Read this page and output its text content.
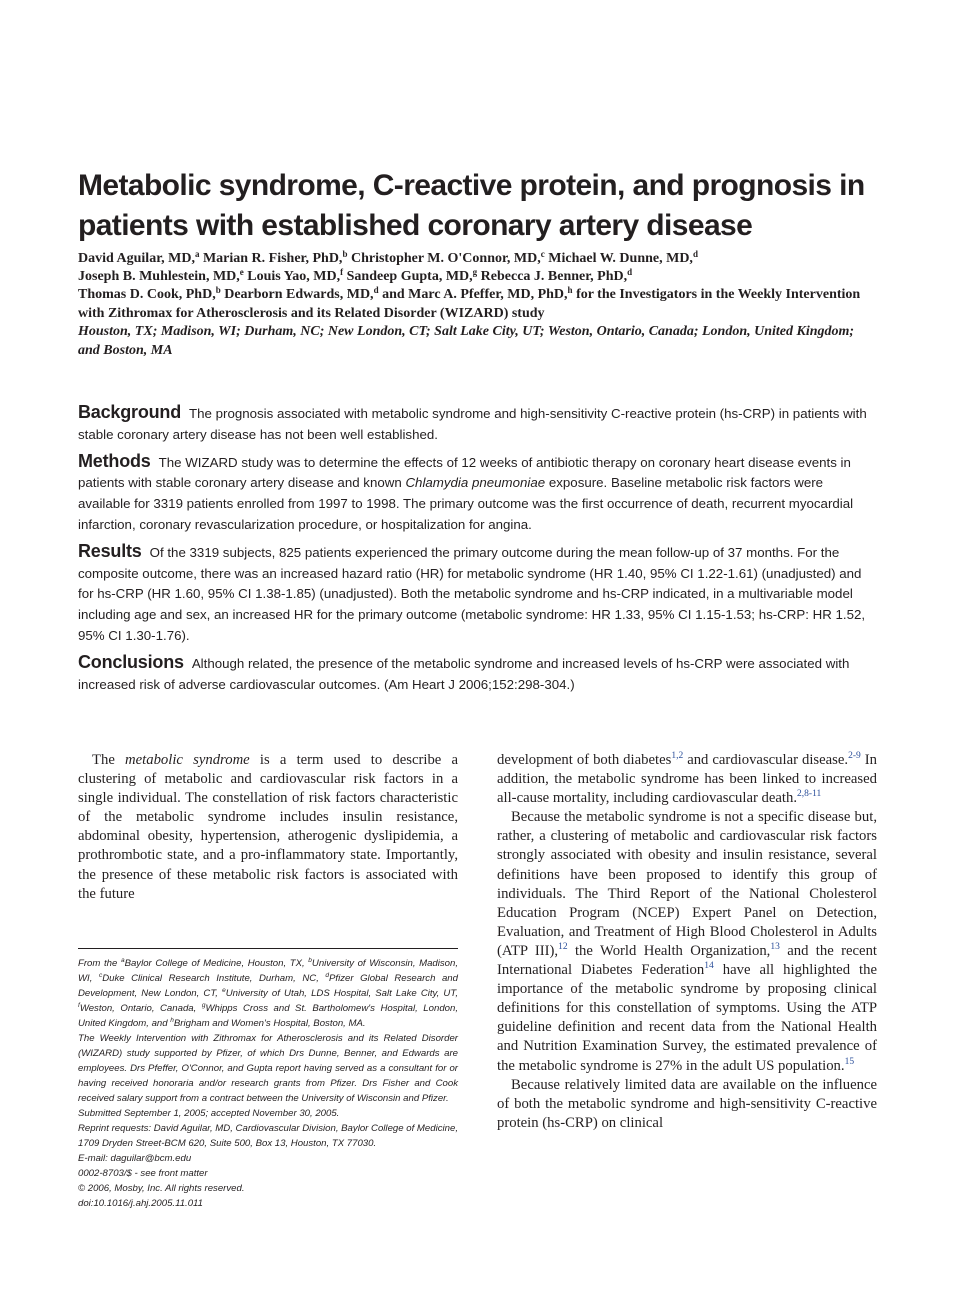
Metabolic syndrome, C-reactive protein, and prognosis in patients with established coronary artery disease

David Aguilar, MD,$^a$ Marian R. Fisher, PhD,$^b$ Christopher M. O'Connor, MD,$^c$ Michael W. Dunne, MD,$^d$
Joseph B. Muhlestein, MD,$^e$ Louis Yao, MD,$^f$ Sandeep Gupta, MD,$^g$ Rebecca J. Benner, PhD,$^d$
Thomas D. Cook, PhD,$^b$ Dearborn Edwards, MD,$^d$ and Marc A. Pfeffer, MD, PhD,$^h$ for the Investigators in the Weekly Intervention with Zithromax for Atherosclerosis and its Related Disorder (WIZARD) study

Houston, TX; Madison, WI; Durham, NC; New London, CT; Salt Lake City, UT; Weston, Ontario, Canada; London, United Kingdom; and Boston, MA

Background The prognosis associated with metabolic syndrome and high-sensitivity C-reactive protein (hs-CRP) in patients with stable coronary artery disease has not been well established.

Methods The WIZARD study was to determine the effects of 12 weeks of antibiotic therapy on coronary heart disease events in patients with stable coronary artery disease and known Chlamydia pneumoniae exposure. Baseline metabolic risk factors were available for 3319 patients enrolled from 1997 to 1998. The primary outcome was the first occurrence of death, recurrent myocardial infarction, coronary revascularization procedure, or hospitalization for angina.

Results Of the 3319 subjects, 825 patients experienced the primary outcome during the mean follow-up of 37 months. For the composite outcome, there was an increased hazard ratio (HR) for metabolic syndrome (HR 1.40, 95% CI 1.22-1.61) (unadjusted) and for hs-CRP (HR 1.60, 95% CI 1.38-1.85) (unadjusted). Both the metabolic syndrome and hs-CRP indicated, in a multivariable model including age and sex, an increased HR for the primary outcome (metabolic syndrome: HR 1.33, 95% CI 1.15-1.53; hs-CRP: HR 1.52, 95% CI 1.30-1.76).

Conclusions Although related, the presence of the metabolic syndrome and increased levels of hs-CRP were associated with increased risk of adverse cardiovascular outcomes. (Am Heart J 2006;152:298-304.)

The metabolic syndrome is a term used to describe a clustering of metabolic and cardiovascular risk factors in a single individual. The constellation of risk factors characteristic of the metabolic syndrome includes insulin resistance, abdominal obesity, hypertension, atherogenic dyslipidemia, a prothrombotic state, and a pro-inflammatory state. Importantly, the presence of these metabolic risk factors is associated with the future

From the $^a$Baylor College of Medicine, Houston, TX, $^b$University of Wisconsin, Madison, WI, $^c$Duke Clinical Research Institute, Durham, NC, $^d$Pfizer Global Research and Development, New London, CT, $^e$University of Utah, LDS Hospital, Salt Lake City, UT, $^f$Weston, Ontario, Canada, $^g$Whipps Cross and St. Bartholomew's Hospital, London, United Kingdom, and $^h$Brigham and Women's Hospital, Boston, MA.

The Weekly Intervention with Zithromax for Atherosclerosis and its Related Disorder (WIZARD) study supported by Pfizer, of which Drs Dunne, Benner, and Edwards are employees. Drs Pfeffer, O'Connor, and Gupta report having served as a consultant for or having received honoraria and/or research grants from Pfizer. Drs Fisher and Cook received salary support from a contract between the University of Wisconsin and Pfizer.

Submitted September 1, 2005; accepted November 30, 2005.

Reprint requests: David Aguilar, MD, Cardiovascular Division, Baylor College of Medicine, 1709 Dryden Street-BCM 620, Suite 500, Box 13, Houston, TX 77030.

E-mail: daguilar@bcm.edu

0002-8703/$ - see front matter

© 2006, Mosby, Inc. All rights reserved.

doi:10.1016/j.ahj.2005.11.011

development of both diabetes$^{1,2}$ and cardiovascular disease.$^{2-9}$ In addition, the metabolic syndrome has been linked to increased all-cause mortality, including cardiovascular death.$^{2,8-11}$

Because the metabolic syndrome is not a specific disease but, rather, a clustering of metabolic and cardiovascular risk factors strongly associated with obesity and insulin resistance, several definitions have been proposed to identify this group of individuals. The Third Report of the National Cholesterol Education Program (NCEP) Expert Panel on Detection, Evaluation, and Treatment of High Blood Cholesterol in Adults (ATP III),$^{12}$ the World Health Organization,$^{13}$ and the recent International Diabetes Federation$^{14}$ have all highlighted the importance of the metabolic syndrome by proposing clinical definitions for this constellation of symptoms. Using the ATP guideline definition and recent data from the National Health and Nutrition Examination Survey, the estimated prevalence of the metabolic syndrome is 27% in the adult US population.$^{15}$

Because relatively limited data are available on the influence of both the metabolic syndrome and high-sensitivity C-reactive protein (hs-CRP) on clinical
